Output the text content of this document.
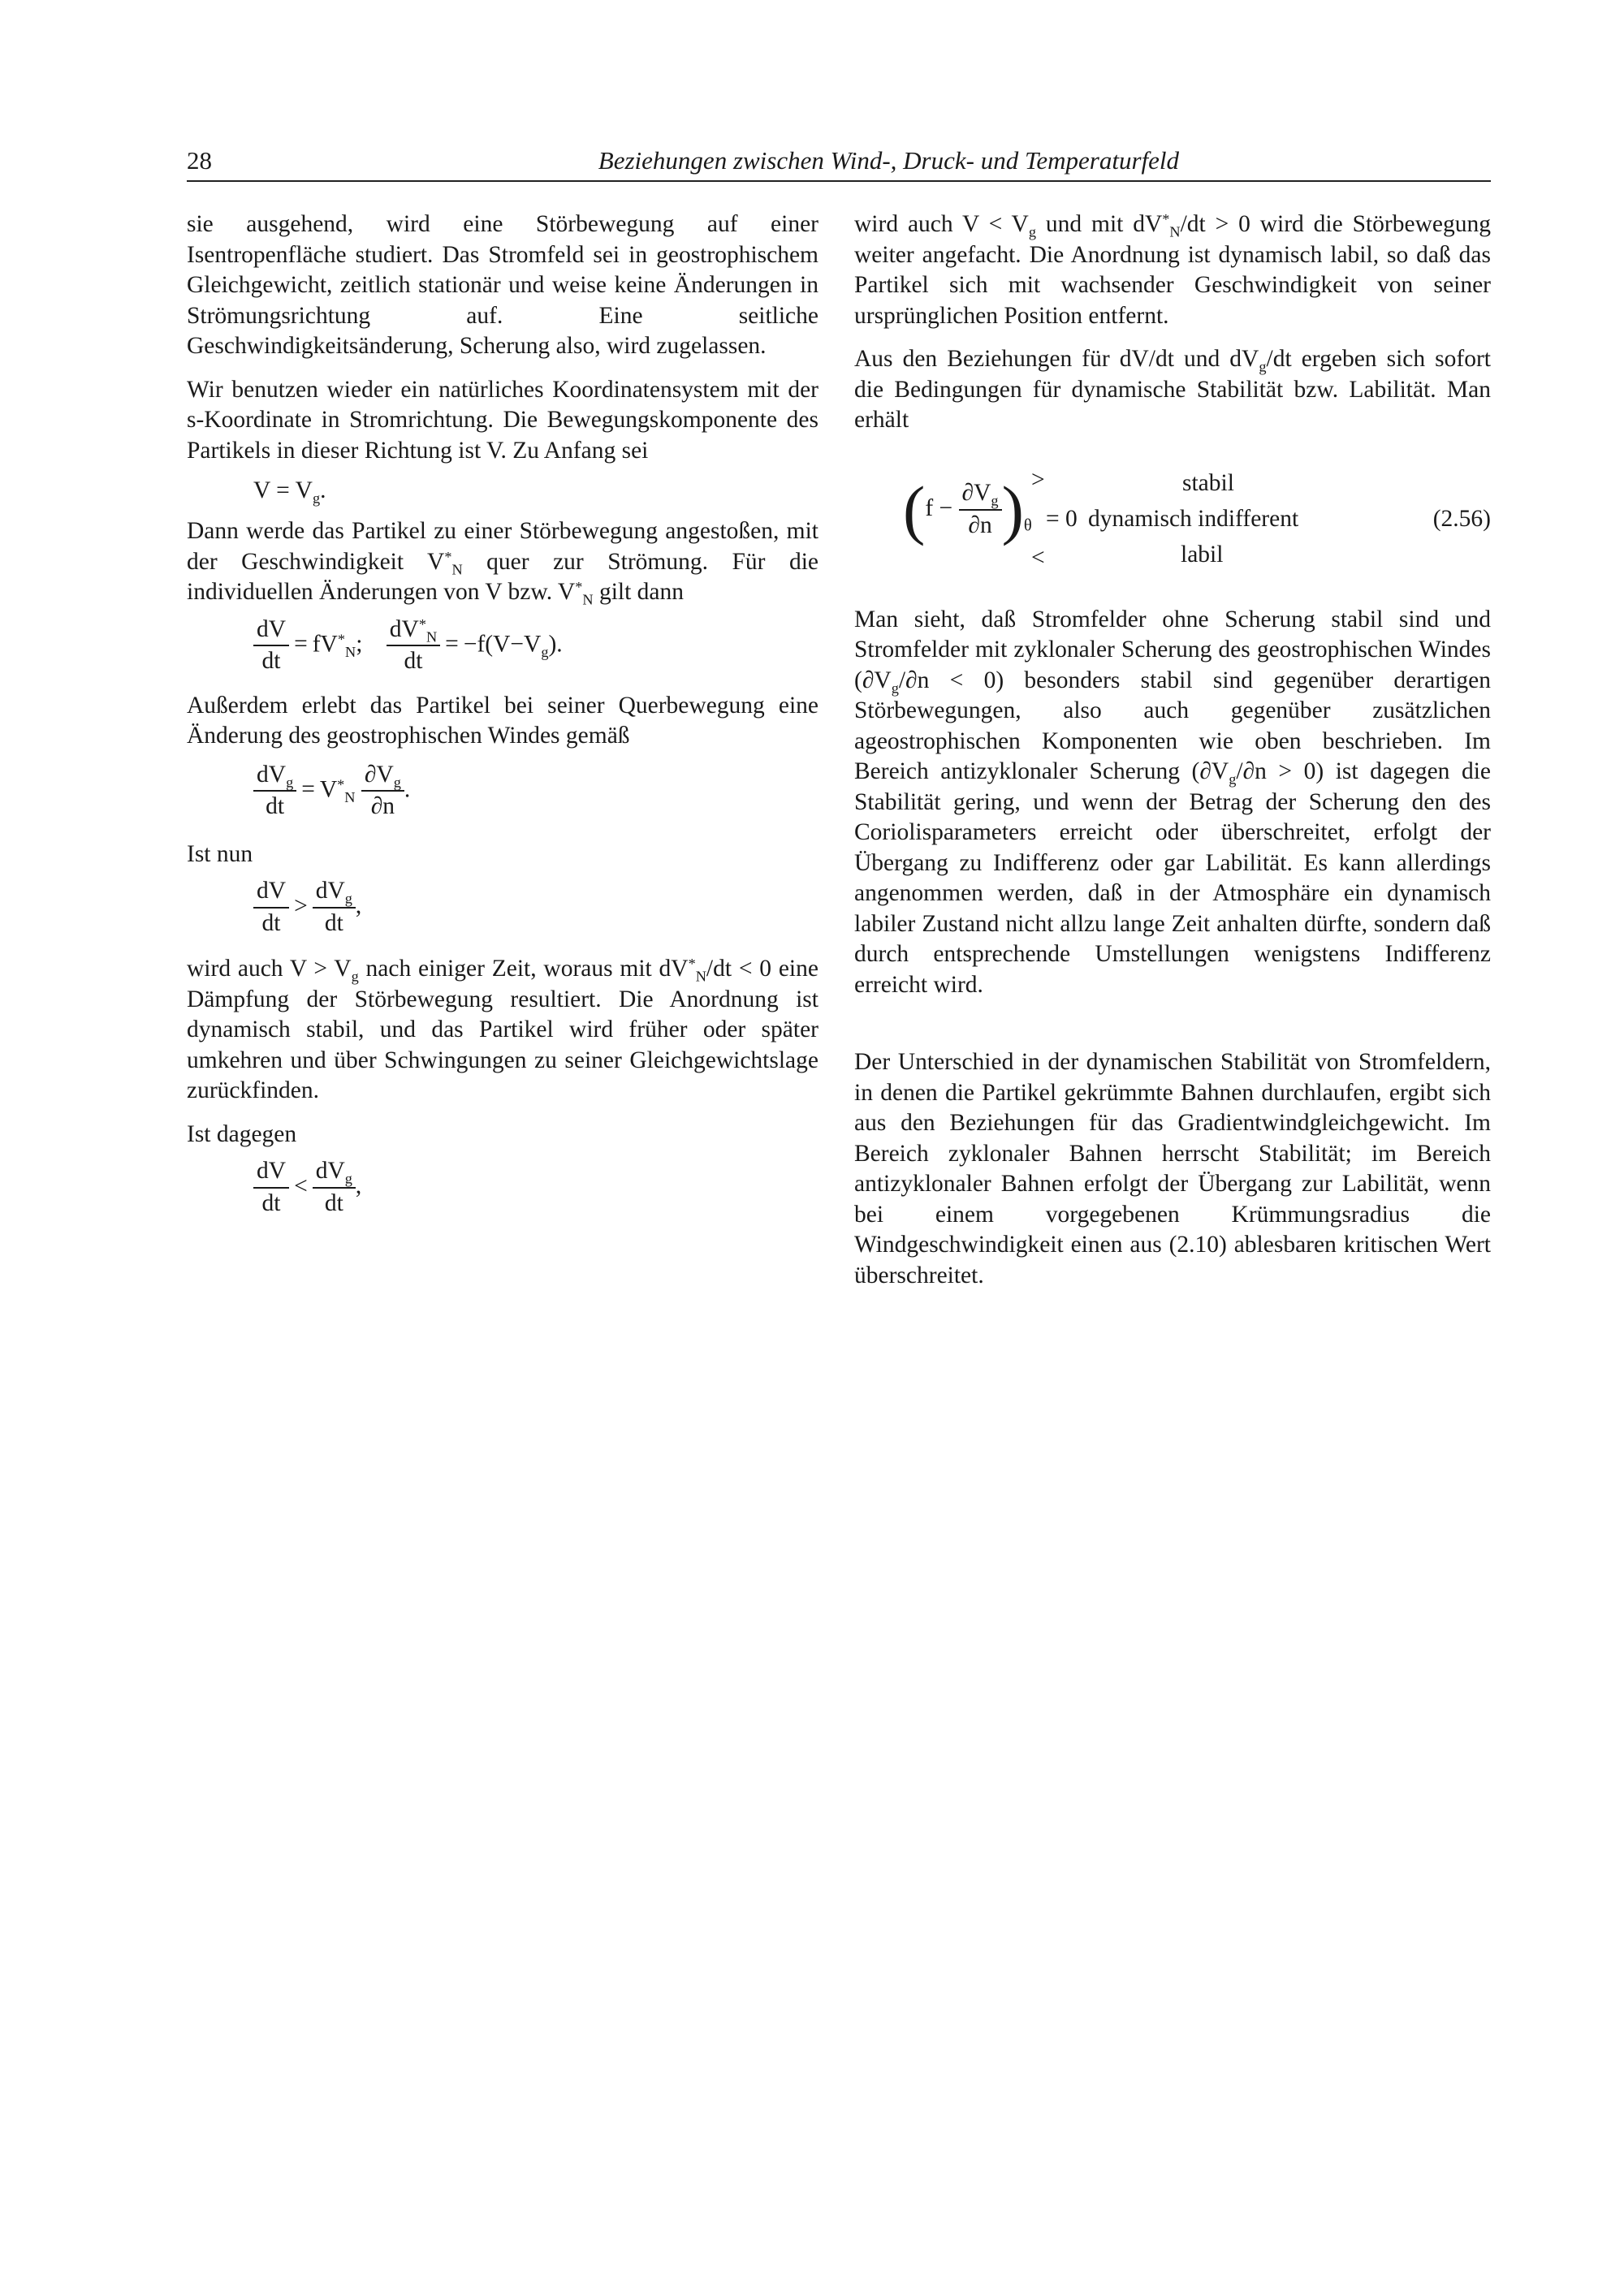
28	Beziehungen zwischen Wind-, Druck- und Temperaturfeld

sie ausgehend, wird eine Störbewegung auf einer Isentropenfläche studiert. Das Stromfeld sei in geostrophischem Gleichgewicht, zeitlich stationär und weise keine Änderungen in Strömungsrichtung auf. Eine seitliche Geschwindigkeitsänderung, Scherung also, wird zugelassen.

Wir benutzen wieder ein natürliches Koordinatensystem mit der s-Koordinate in Stromrichtung. Die Bewegungskomponente des Partikels in dieser Richtung ist V. Zu Anfang sei

$V = V_g$.

Dann werde das Partikel zu einer Störbewegung angestoßen, mit der Geschwindigkeit $V^*_N$ quer zur Strömung. Für die individuellen Änderungen von V bzw. $V^*_N$ gilt dann

$\frac{dV}{dt} = fV^*_N$; $\frac{dV^*_N}{dt} = -f(V-V_g)$.

Außerdem erlebt das Partikel bei seiner Querbewegung eine Änderung des geostrophischen Windes gemäß

$\frac{dV_g}{dt} = V^*_N \frac{\partial V_g}{\partial n}$ .

Ist nun

$\frac{dV}{dt} > \frac{dV_g}{dt}$ ,

wird auch $V > V_g$ nach einiger Zeit, woraus mit $dV^*_N/dt < 0$ eine Dämpfung der Störbewegung resultiert. Die Anordnung ist dynamisch stabil, und das Partikel wird früher oder später umkehren und über Schwingungen zu seiner Gleichgewichtslage zurückfinden.

Ist dagegen

$\frac{dV}{dt} < \frac{dV_g}{dt}$ ,

wird auch $V < V_g$ und mit $dV^*_N/dt > 0$ wird die Störbewegung weiter angefacht. Die Anordnung ist dynamisch labil, so daß das Partikel sich mit wachsender Geschwindigkeit von seiner ursprünglichen Position entfernt.

Aus den Beziehungen für dV/dt und $dV_g/dt$ ergeben sich sofort die Bedingungen für dynamische Stabilität bzw. Labilität. Man erhält

$(f - \frac{\partial V_g}{\partial n} )_\theta$
>
= 0
<
stabil
dynamisch indifferent
labil
(2.56)

Man sieht, daß Stromfelder ohne Scherung stabil sind und Stromfelder mit zyklonaler Scherung des geostrophischen Windes $(\partial V_g/\partial n < 0)$ besonders stabil sind gegenüber derartigen Störbewegungen, also auch gegenüber zusätzlichen ageostrophischen Komponenten wie oben beschrieben. Im Bereich antizyklonaler Scherung $(\partial V_g/\partial n > 0)$ ist dagegen die Stabilität gering, und wenn der Betrag der Scherung den des Coriolisparameters erreicht oder überschreitet, erfolgt der Übergang zu Indifferenz oder gar Labilität. Es kann allerdings angenommen werden, daß in der Atmosphäre ein dynamisch labiler Zustand nicht allzu lange Zeit anhalten dürfte, sondern daß durch entsprechende Umstellungen wenigstens Indifferenz erreicht wird.

Der Unterschied in der dynamischen Stabilität von Stromfeldern, in denen die Partikel gekrümmte Bahnen durchlaufen, ergibt sich aus den Beziehungen für das Gradientwindgleichgewicht. Im Bereich zyklonaler Bahnen herrscht Stabilität; im Bereich antizyklonaler Bahnen erfolgt der Übergang zur Labilität, wenn bei einem vorgegebenen Krümmungsradius die Windgeschwindigkeit einen aus (2.10) ablesbaren kritischen Wert überschreitet.
